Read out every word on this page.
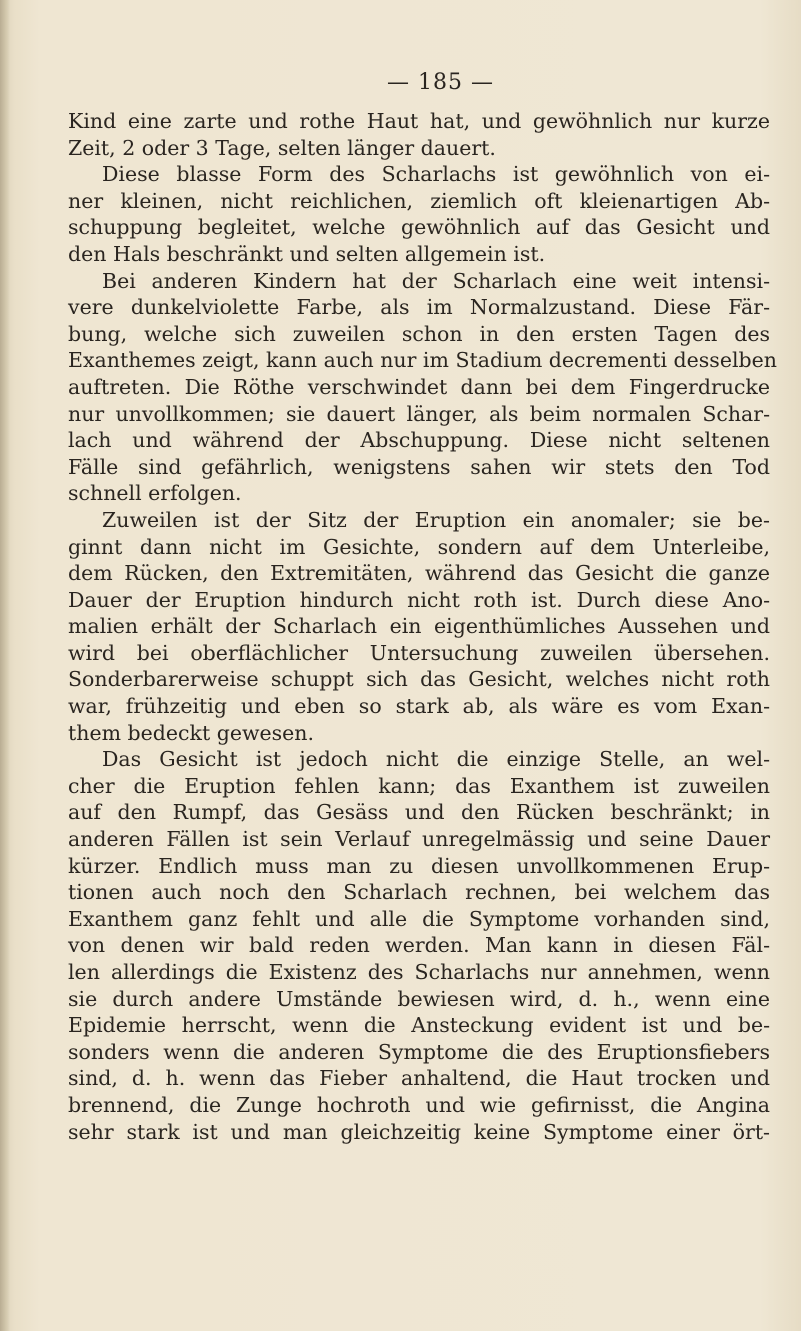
— 185 —
Kind eine zarte und rothe Haut hat, und gewöhnlich nur kurze
Zeit, 2 oder 3 Tage, selten länger dauert.
Diese blasse Form des Scharlachs ist gewöhnlich von ei-
ner kleinen, nicht reichlichen, ziemlich oft kleienartigen Ab-
schuppung begleitet, welche gewöhnlich auf das Gesicht und
den Hals beschränkt und selten allgemein ist.
Bei anderen Kindern hat der Scharlach eine weit intensi-
vere dunkelviolette Farbe, als im Normalzustand. Diese Fär-
bung, welche sich zuweilen schon in den ersten Tagen des
Exanthemes zeigt, kann auch nur im Stadium decrementi desselben
auftreten. Die Röthe verschwindet dann bei dem Fingerdrucke
nur unvollkommen; sie dauert länger, als beim normalen Schar-
lach und während der Abschuppung. Diese nicht seltenen
Fälle sind gefährlich, wenigstens sahen wir stets den Tod
schnell erfolgen.
Zuweilen ist der Sitz der Eruption ein anomaler; sie be-
ginnt dann nicht im Gesichte, sondern auf dem Unterleibe,
dem Rücken, den Extremitäten, während das Gesicht die ganze
Dauer der Eruption hindurch nicht roth ist. Durch diese Ano-
malien erhält der Scharlach ein eigenthümliches Aussehen und
wird bei oberflächlicher Untersuchung zuweilen übersehen.
Sonderbarerweise schuppt sich das Gesicht, welches nicht roth
war, frühzeitig und eben so stark ab, als wäre es vom Exan-
them bedeckt gewesen.
Das Gesicht ist jedoch nicht die einzige Stelle, an wel-
cher die Eruption fehlen kann; das Exanthem ist zuweilen
auf den Rumpf, das Gesäss und den Rücken beschränkt; in
anderen Fällen ist sein Verlauf unregelmässig und seine Dauer
kürzer. Endlich muss man zu diesen unvollkommenen Erup-
tionen auch noch den Scharlach rechnen, bei welchem das
Exanthem ganz fehlt und alle die Symptome vorhanden sind,
von denen wir bald reden werden. Man kann in diesen Fäl-
len allerdings die Existenz des Scharlachs nur annehmen, wenn
sie durch andere Umstände bewiesen wird, d. h., wenn eine
Epidemie herrscht, wenn die Ansteckung evident ist und be-
sonders wenn die anderen Symptome die des Eruptionsfiebers
sind, d. h. wenn das Fieber anhaltend, die Haut trocken und
brennend, die Zunge hochroth und wie gefirnisst, die Angina
sehr stark ist und man gleichzeitig keine Symptome einer ört-
